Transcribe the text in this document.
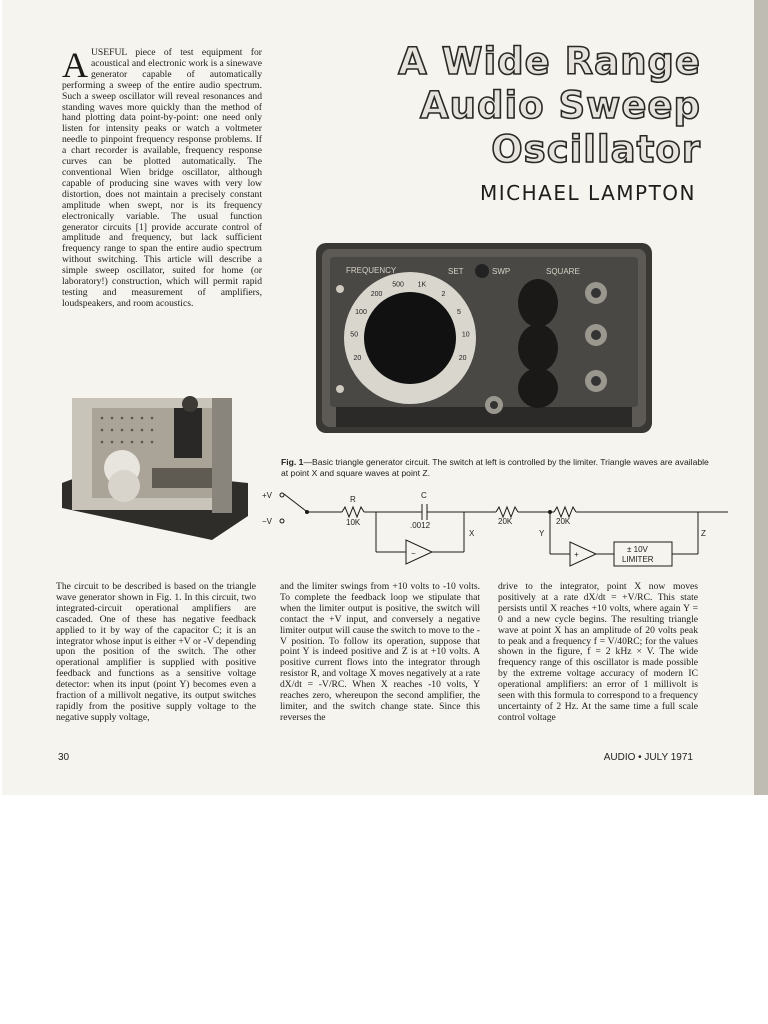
A Wide Range
Audio Sweep
Oscillator
MICHAEL LAMPTON
A USEFUL piece of test equipment for acoustical and electronic work is a sinewave generator capable of automatically performing a sweep of the entire audio spectrum. Such a sweep oscillator will reveal resonances and standing waves more quickly than the method of hand plotting data point-by-point: one need only listen for intensity peaks or watch a voltmeter needle to pinpoint frequency response problems. If a chart recorder is available, frequency response curves can be plotted automatically. The conventional Wien bridge oscillator, although capable of producing sine waves with very low distortion, does not maintain a precisely constant amplitude when swept, nor is its frequency electronically variable. The usual function generator circuits [1] provide accurate control of amplitude and frequency, but lack sufficient frequency range to span the entire audio spectrum without switching. This article will describe a simple sweep oscillator, suited for home (or laboratory!) construction, which will permit rapid testing and measurement of amplifiers, loudspeakers, and room acoustics.
20
50
100
200
500 1K
2
5
10
20
FREQUENCY	SET	SWP	SQUARE
Fig. 1—Basic triangle generator circuit. The switch at left is controlled by the limiter. Triangle waves are available at point X and square waves at point Z.
+V
−V
R
10K
C
.0012	20K	20K
X	Y	Z
−	+
± 10V
LIMITER
The circuit to be described is based on the triangle wave generator shown in Fig. 1. In this circuit, two integrated-circuit operational amplifiers are cascaded. One of these has negative feedback applied to it by way of the capacitor C; it is an integrator whose input is either +V or -V depending upon the position of the switch. The other operational amplifier is supplied with positive feedback and functions as a sensitive voltage detector: when its input (point Y) becomes even a fraction of a millivolt negative, its output switches rapidly from the positive supply voltage to the negative supply voltage,
and the limiter swings from +10 volts to -10 volts. To complete the feedback loop we stipulate that when the limiter output is positive, the switch will contact the +V input, and conversely a negative limiter output will cause the switch to move to the -V position. To follow its operation, suppose that point Y is indeed positive and Z is at +10 volts. A positive current flows into the integrator through resistor R, and voltage X moves negatively at a rate dX/dt = -V/RC. When X reaches -10 volts, Y reaches zero, whereupon the second amplifier, the limiter, and the switch change state. Since this reverses the
drive to the integrator, point X now moves positively at a rate dX/dt = +V/RC. This state persists until X reaches +10 volts, where again Y = 0 and a new cycle begins. The resulting triangle wave at point X has an amplitude of 20 volts peak to peak and a frequency f = V/40RC; for the values shown in the figure, f = 2 kHz × V. The wide frequency range of this oscillator is made possible by the extreme voltage accuracy of modern IC operational amplifiers: an error of 1 millivolt is seen with this formula to correspond to a frequency uncertainty of 2 Hz. At the same time a full scale control voltage
30	AUDIO • JULY 1971
